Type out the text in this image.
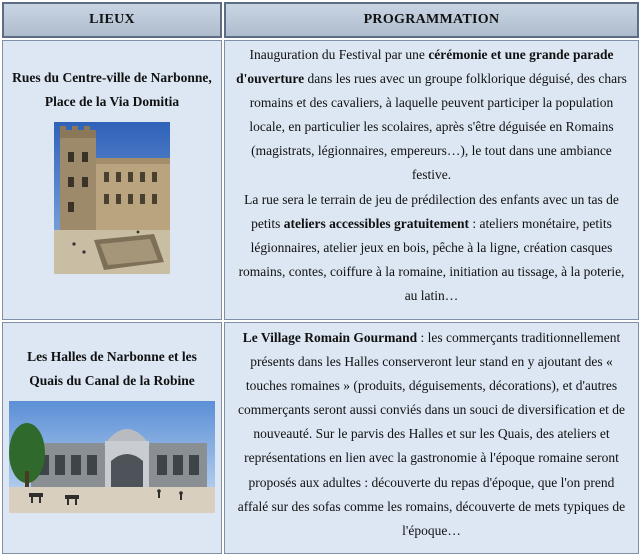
LIEUX	PROGRAMMATION

Rues du Centre-ville de Narbonne,
Place de la Via Domitia

Inauguration du Festival par une cérémonie et une grande parade d'ouverture dans les rues avec un groupe folklorique déguisé, des chars romains et des cavaliers, à laquelle peuvent participer la population locale, en particulier les scolaires, après s'être déguisée en Romains (magistrats, légionnaires, empereurs…), le tout dans une ambiance festive.

La rue sera le terrain de jeu de prédilection des enfants avec un tas de petits ateliers accessibles gratuitement : ateliers monétaire, petits légionnaires, atelier jeux en bois, pêche à la ligne, création casques romains, contes, coiffure à la romaine, initiation au tissage, à la poterie, au latin…

Les Halles de Narbonne et les
Quais du Canal de la Robine

Le Village Romain Gourmand : les commerçants traditionnellement présents dans les Halles conserveront leur stand en y ajoutant des « touches romaines » (produits, déguisements, décorations), et d'autres commerçants seront aussi conviés dans un souci de diversification et de nouveauté. Sur le parvis des Halles et sur les Quais, des ateliers et représentations en lien avec la gastronomie à l'époque romaine seront proposés aux adultes : découverte du repas d'époque, que l'on prend affalé sur des sofas comme les romains, découverte de mets typiques de l'époque…
